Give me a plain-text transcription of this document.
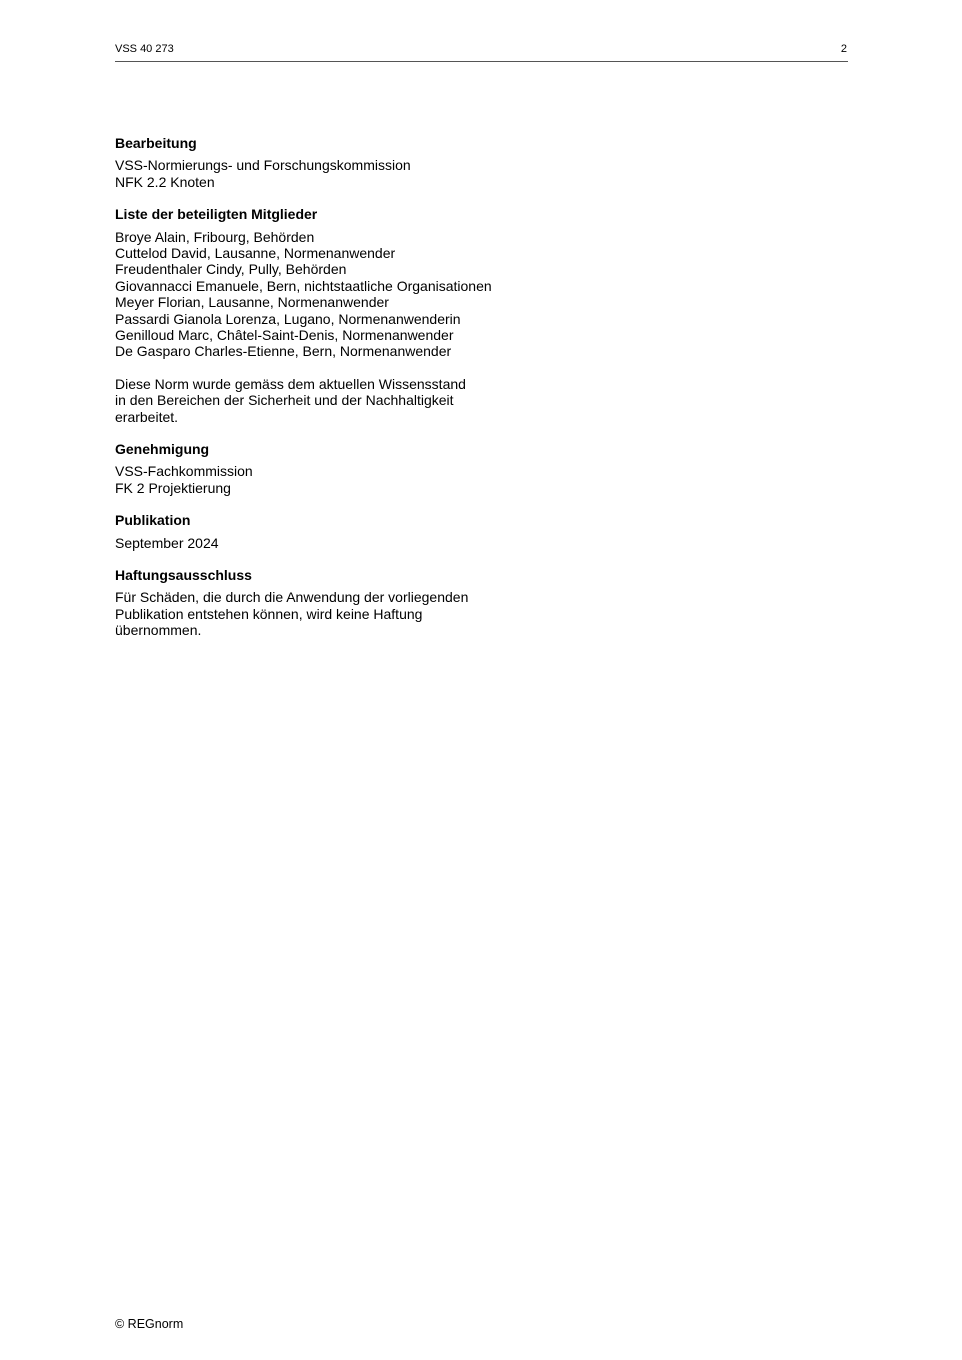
VSS 40 273	2
Bearbeitung
VSS-Normierungs- und Forschungskommission
NFK 2.2 Knoten
Liste der beteiligten Mitglieder
Broye Alain, Fribourg, Behörden
Cuttelod David, Lausanne, Normenanwender
Freudenthaler Cindy, Pully, Behörden
Giovannacci Emanuele, Bern, nichtstaatliche Organisationen
Meyer Florian, Lausanne, Normenanwender
Passardi Gianola Lorenza, Lugano, Normenanwenderin
Genilloud Marc, Châtel-Saint-Denis, Normenanwender
De Gasparo Charles-Etienne, Bern, Normenanwender
Diese Norm wurde gemäss dem aktuellen Wissensstand
in den Bereichen der Sicherheit und der Nachhaltigkeit
erarbeitet.
Genehmigung
VSS-Fachkommission
FK 2 Projektierung
Publikation
September 2024
Haftungsausschluss
Für Schäden, die durch die Anwendung der vorliegenden
Publikation entstehen können, wird keine Haftung
übernommen.
© REGnorm
